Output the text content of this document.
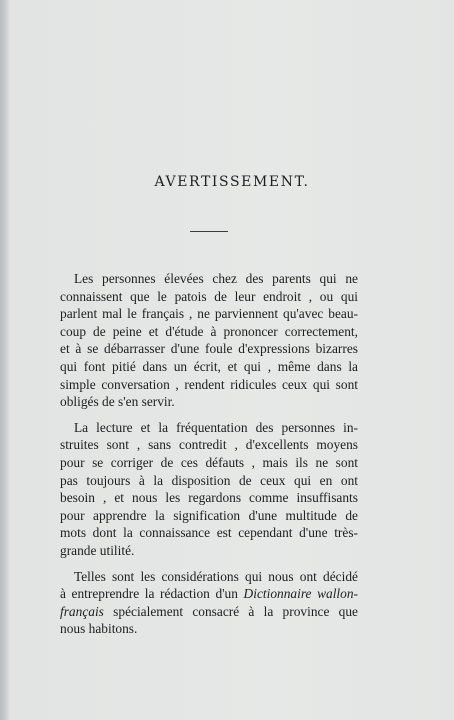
AVERTISSEMENT.

Les personnes élevées chez des parents qui ne
connaissent que le patois de leur endroit , ou qui
parlent mal le français , ne parviennent qu'avec beau-
coup de peine et d'étude à prononcer correctement,
et à se débarrasser d'une foule d'expressions bizarres
qui font pitié dans un écrit, et qui , même dans la
simple conversation , rendent ridicules ceux qui sont
obligés de s'en servir.

La lecture et la fréquentation des personnes in-
struites sont , sans contredit , d'excellents moyens
pour se corriger de ces défauts , mais ils ne sont
pas toujours à la disposition de ceux qui en ont
besoin , et nous les regardons comme insuffisants
pour apprendre la signification d'une multitude de
mots dont la connaissance est cependant d'une très-
grande utilité.

Telles sont les considérations qui nous ont décidé
à entreprendre la rédaction d'un Dictionnaire wallon-
français spécialement consacré à la province que
nous habitons.
